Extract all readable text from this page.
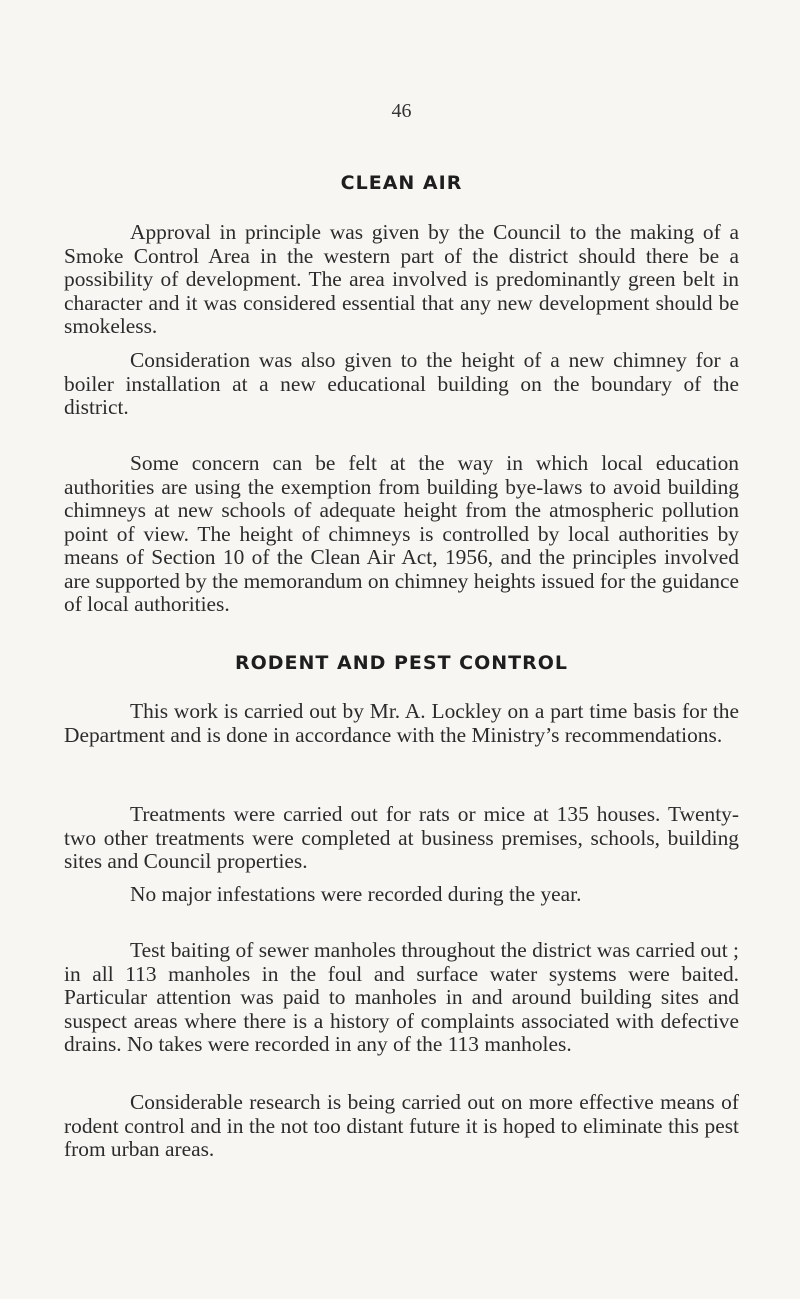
46
CLEAN AIR

Approval in principle was given by the Council to the making of a Smoke Control Area in the western part of the district should there be a possibility of development. The area involved is predominantly green belt in character and it was considered essential that any new development should be smokeless.

Consideration was also given to the height of a new chimney for a boiler installation at a new educational building on the boundary of the district.

Some concern can be felt at the way in which local education authorities are using the exemption from building bye-laws to avoid building chimneys at new schools of adequate height from the atmospheric pollution point of view. The height of chimneys is controlled by local authorities by means of Section 10 of the Clean Air Act, 1956, and the principles involved are supported by the memorandum on chimney heights issued for the guidance of local authorities.

RODENT AND PEST CONTROL

This work is carried out by Mr. A. Lockley on a part time basis for the Department and is done in accordance with the Ministry’s recommendations.

Treatments were carried out for rats or mice at 135 houses. Twenty-two other treatments were completed at business premises, schools, building sites and Council properties.

No major infestations were recorded during the year.

Test baiting of sewer manholes throughout the district was carried out ; in all 113 manholes in the foul and surface water systems were baited. Particular attention was paid to manholes in and around building sites and suspect areas where there is a history of complaints associated with defective drains. No takes were recorded in any of the 113 manholes.

Considerable research is being carried out on more effective means of rodent control and in the not too distant future it is hoped to eliminate this pest from urban areas.
